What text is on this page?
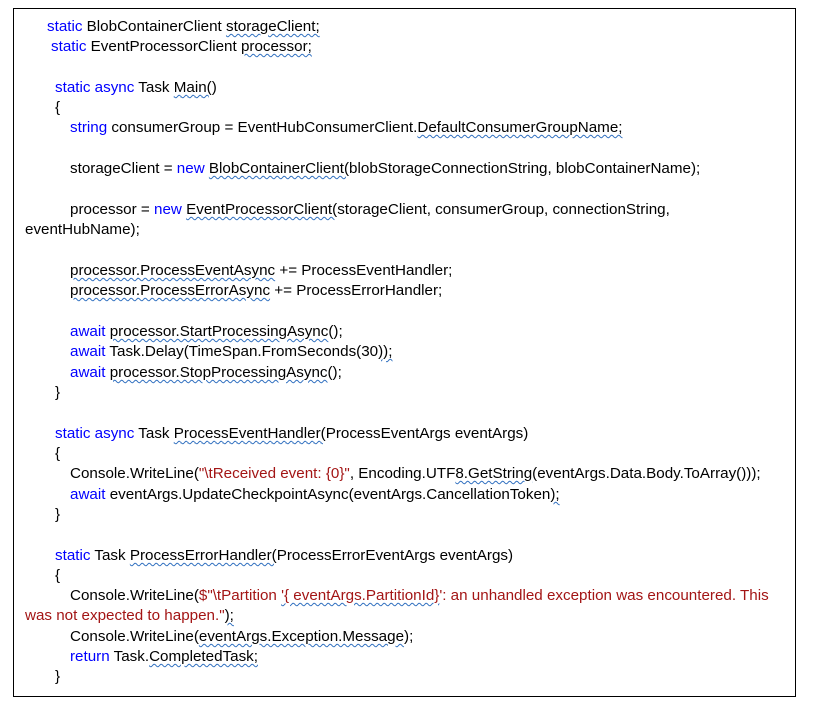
static BlobContainerClient storageClient;
static EventProcessorClient processor;
static async Task Main()
{
string consumerGroup = EventHubConsumerClient.DefaultConsumerGroupName;
storageClient = new BlobContainerClient(blobStorageConnectionString, blobContainerName);
processor = new EventProcessorClient(storageClient, consumerGroup, connectionString,
eventHubName);
processor.ProcessEventAsync += ProcessEventHandler;
processor.ProcessErrorAsync += ProcessErrorHandler;
await processor.StartProcessingAsync();
await Task.Delay(TimeSpan.FromSeconds(30));
await processor.StopProcessingAsync();
}
static async Task ProcessEventHandler(ProcessEventArgs eventArgs)
{
Console.WriteLine("\tReceived event: {0}", Encoding.UTF8.GetString(eventArgs.Data.Body.ToArray()));
await eventArgs.UpdateCheckpointAsync(eventArgs.CancellationToken);
}
static Task ProcessErrorHandler(ProcessErrorEventArgs eventArgs)
{
Console.WriteLine($"\tPartition '{ eventArgs.PartitionId}': an unhandled exception was encountered. This
was not expected to happen.");
Console.WriteLine(eventArgs.Exception.Message);
return Task.CompletedTask;
}
